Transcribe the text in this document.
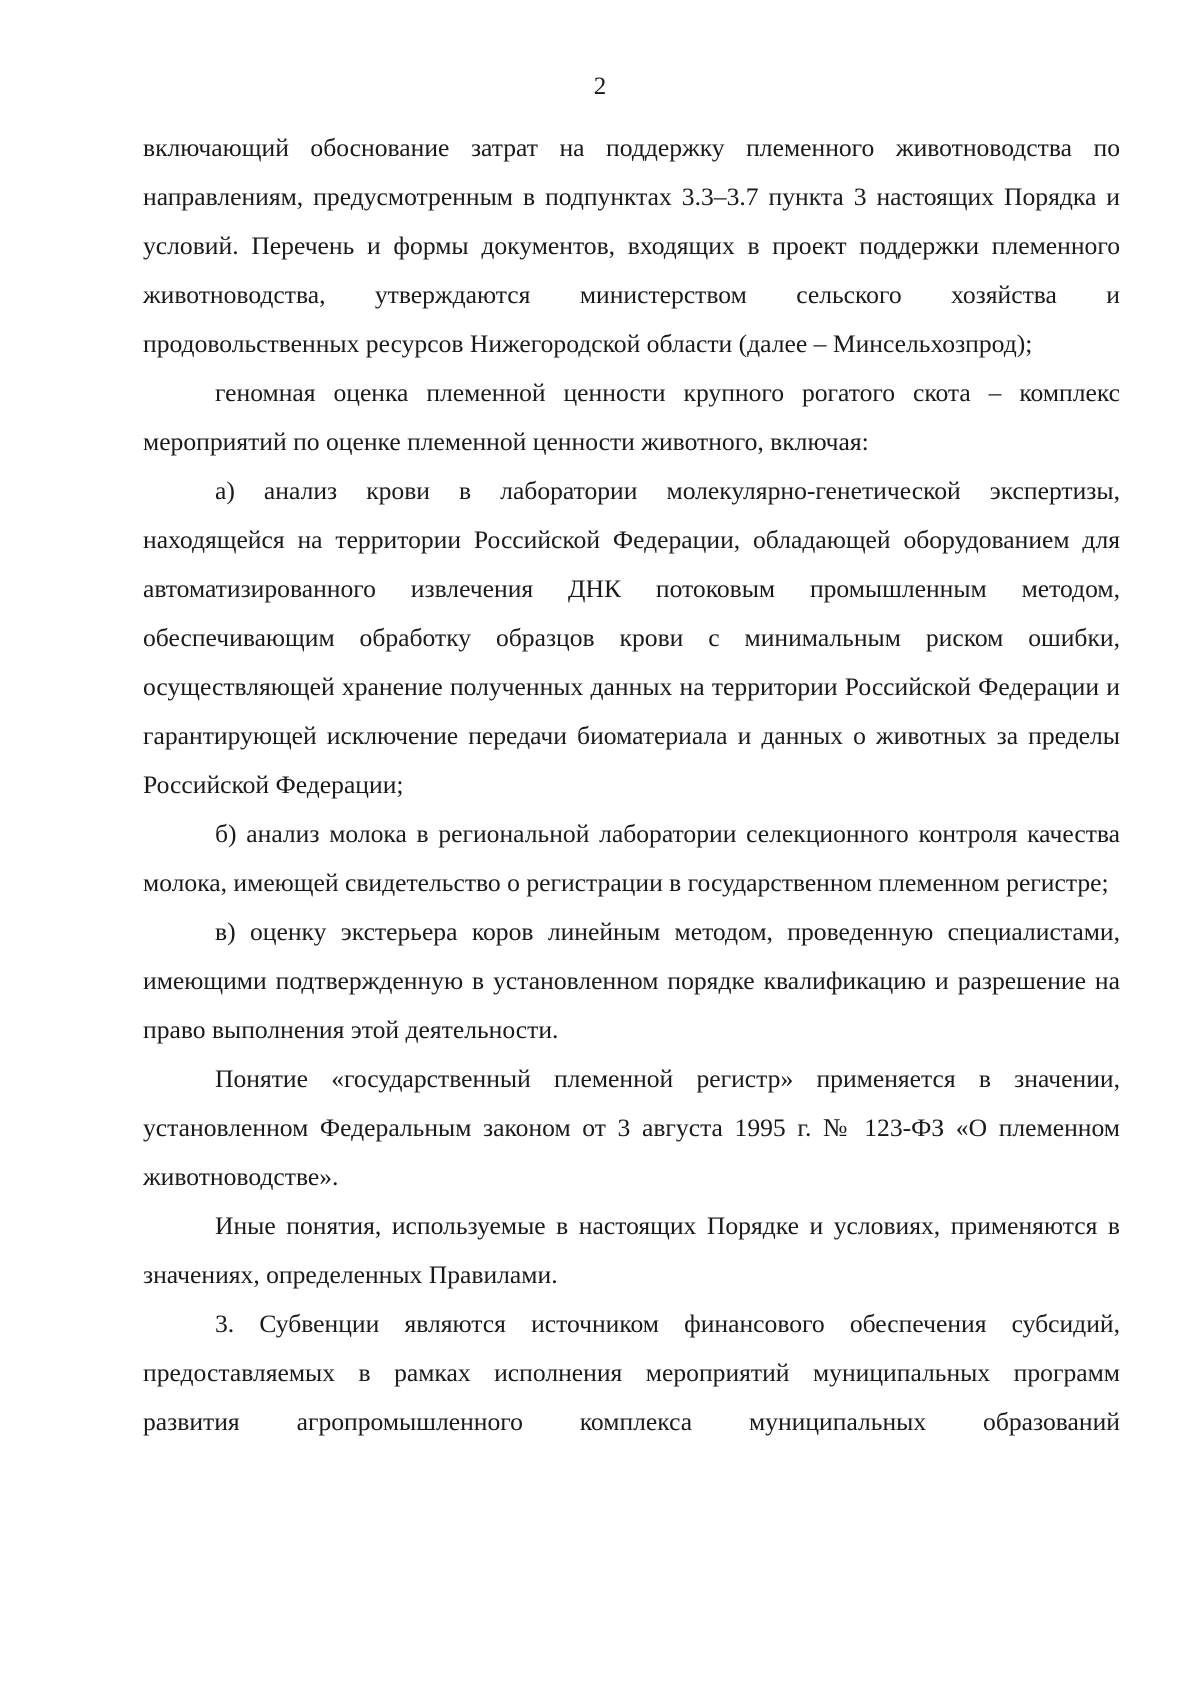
2

включающий обоснование затрат на поддержку племенного животноводства по направлениям, предусмотренным в подпунктах 3.3–3.7 пункта 3 настоящих Порядка и условий. Перечень и формы документов, входящих в проект поддержки племенного животноводства, утверждаются министерством сельского хозяйства и продовольственных ресурсов Нижегородской области (далее – Минсельхозпрод);

геномная оценка племенной ценности крупного рогатого скота – комплекс мероприятий по оценке племенной ценности животного, включая:

а) анализ крови в лаборатории молекулярно-генетической экспертизы, находящейся на территории Российской Федерации, обладающей оборудованием для автоматизированного извлечения ДНК потоковым промышленным методом, обеспечивающим обработку образцов крови с минимальным риском ошибки, осуществляющей хранение полученных данных на территории Российской Федерации и гарантирующей исключение передачи биоматериала и данных о животных за пределы Российской Федерации;

б) анализ молока в региональной лаборатории селекционного контроля качества молока, имеющей свидетельство о регистрации в государственном племенном регистре;

в) оценку экстерьера коров линейным методом, проведенную специалистами, имеющими подтвержденную в установленном порядке квалификацию и разрешение на право выполнения этой деятельности.

Понятие «государственный племенной регистр» применяется в значении, установленном Федеральным законом от 3 августа 1995 г. № 123-ФЗ «О племенном животноводстве».

Иные понятия, используемые в настоящих Порядке и условиях, применяются в значениях, определенных Правилами.

3. Субвенции являются источником финансового обеспечения субсидий, предоставляемых в рамках исполнения мероприятий муниципальных программ развития агропромышленного комплекса муниципальных образований
